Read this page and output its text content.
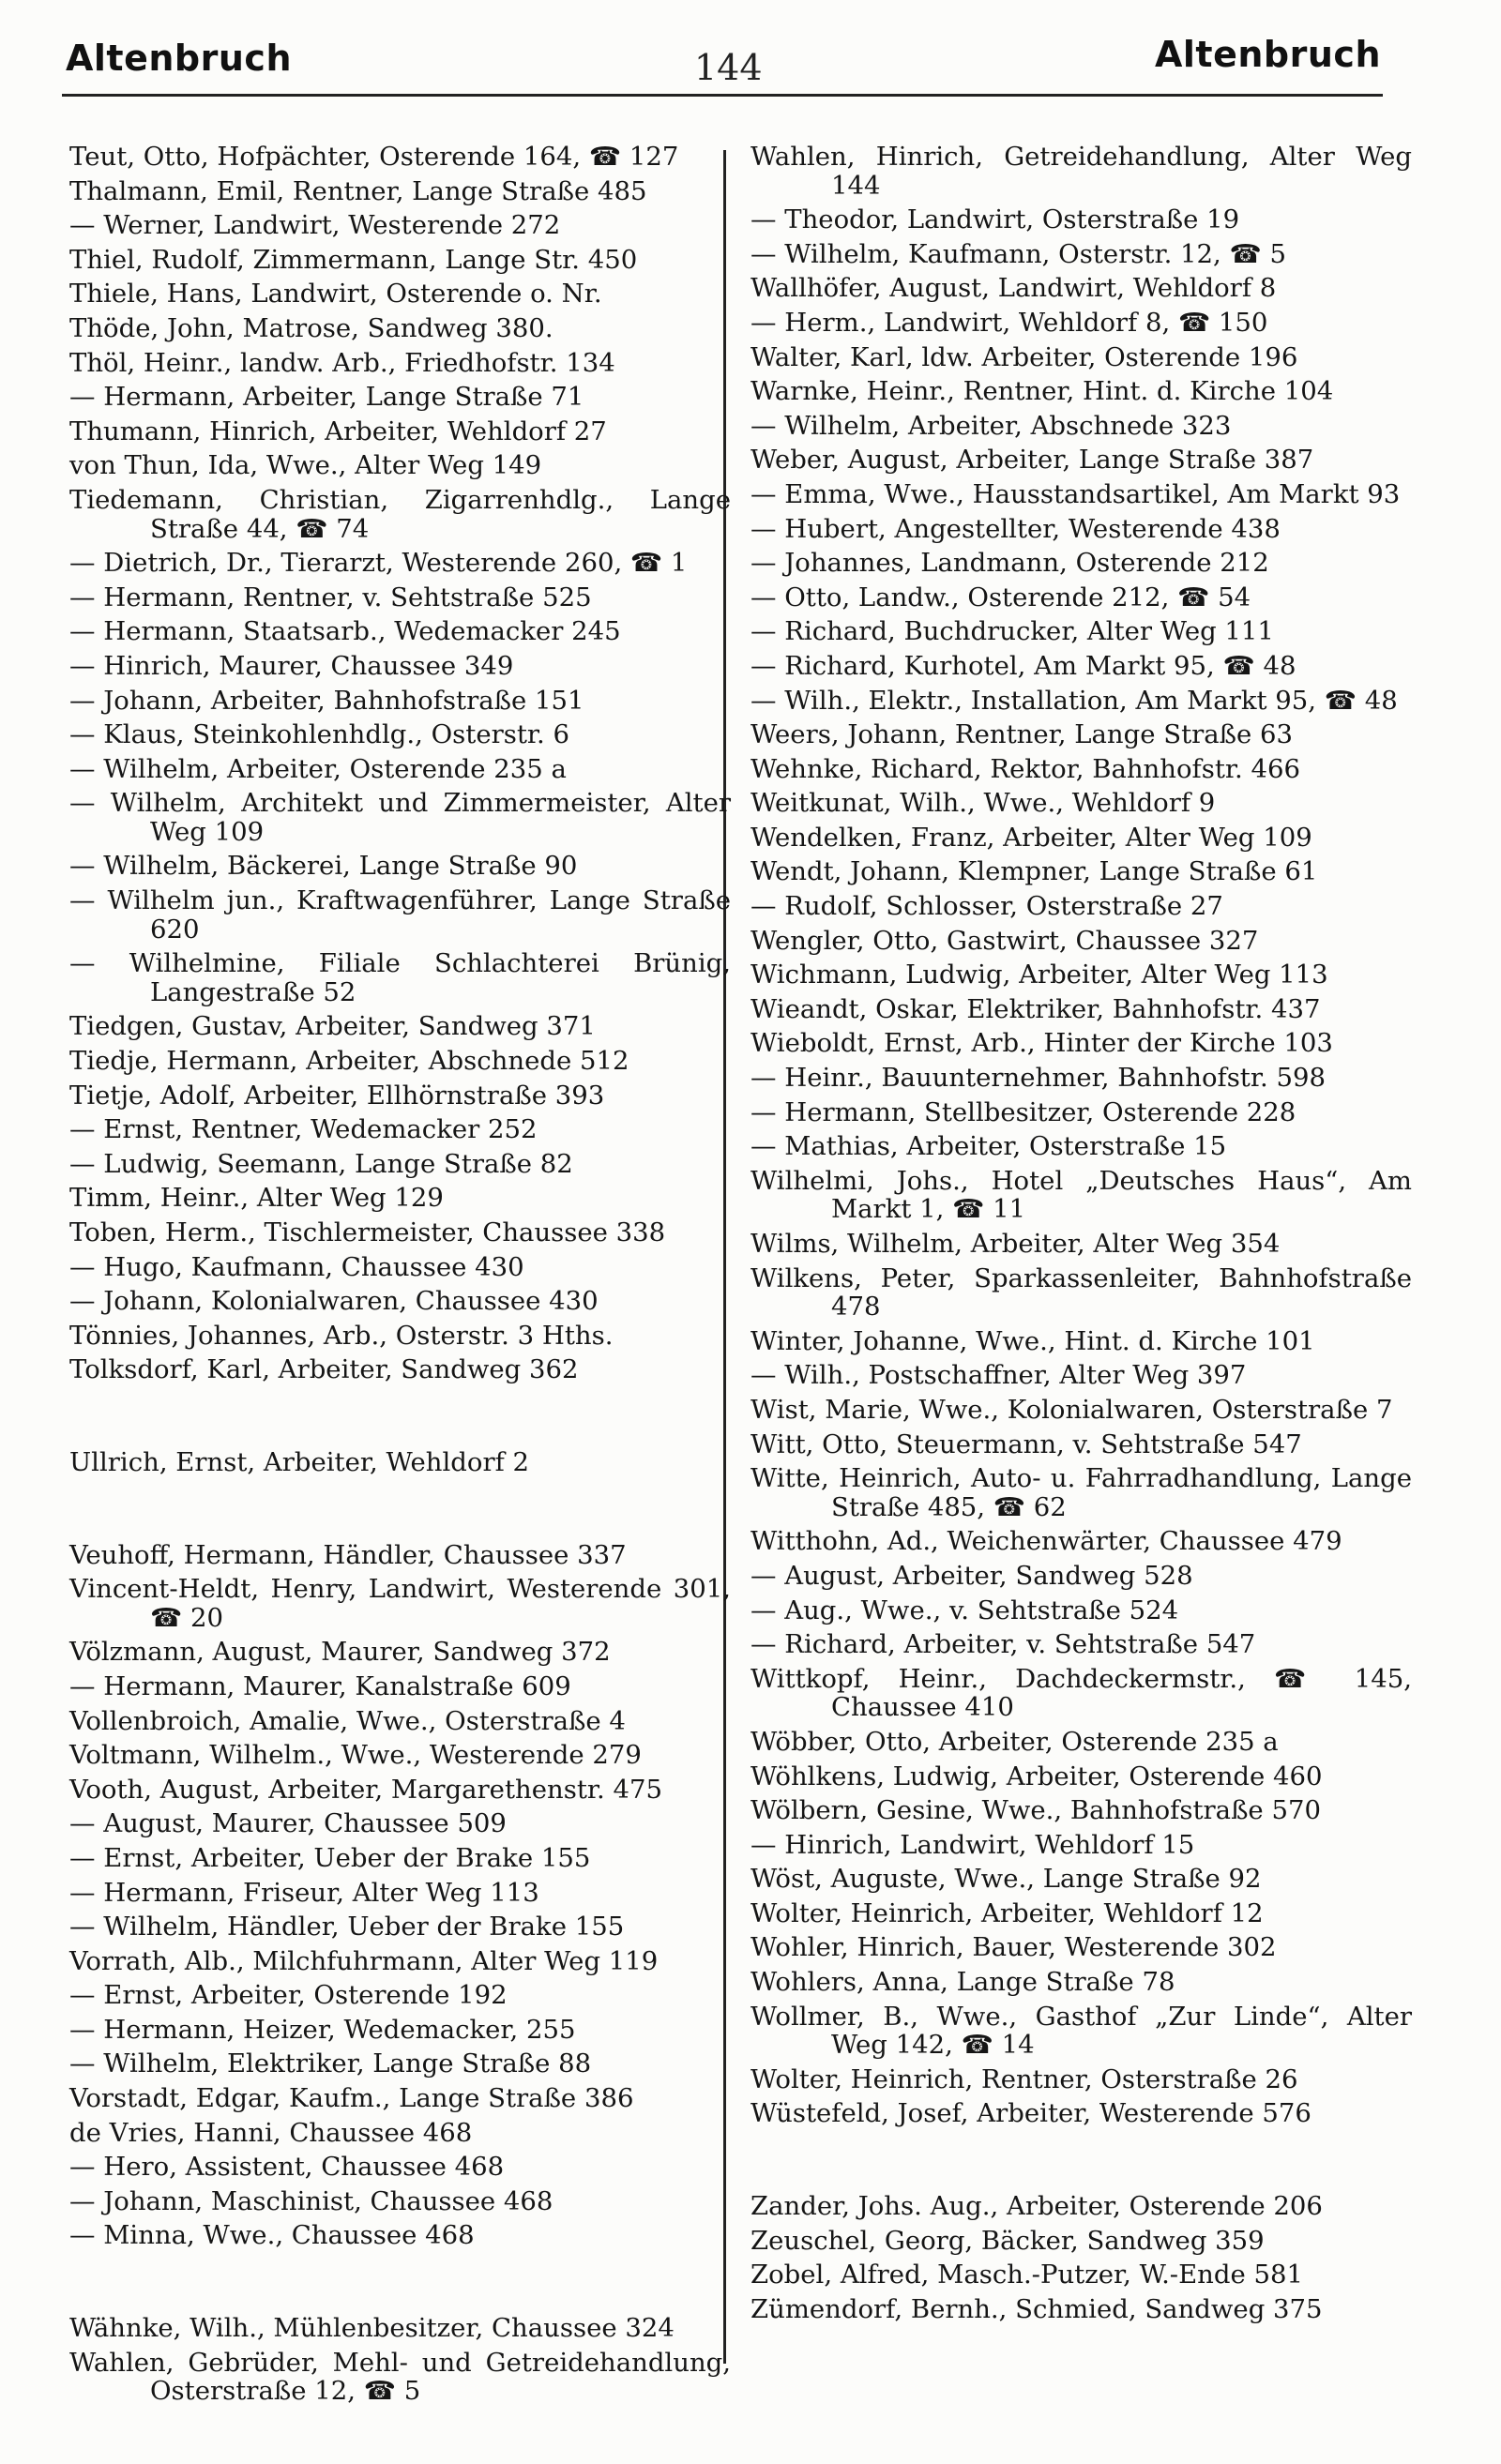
Altenbruch	144	Altenbruch

Teut, Otto, Hofpächter, Osterende 164, ☎ 127

Thalmann, Emil, Rentner, Lange Straße 485

— Werner, Landwirt, Westerende 272

Thiel, Rudolf, Zimmermann, Lange Str. 450

Thiele, Hans, Landwirt, Osterende o. Nr.

Thöde, John, Matrose, Sandweg 380.

Thöl, Heinr., landw. Arb., Friedhofstr. 134

— Hermann, Arbeiter, Lange Straße 71

Thumann, Hinrich, Arbeiter, Wehldorf 27

von Thun, Ida, Wwe., Alter Weg 149

Tiedemann, Christian, Zigarrenhdlg., Lange Straße 44, ☎ 74

— Dietrich, Dr., Tierarzt, Westerende 260, ☎ 1

— Hermann, Rentner, v. Sehtstraße 525

— Hermann, Staatsarb., Wedemacker 245

— Hinrich, Maurer, Chaussee 349

— Johann, Arbeiter, Bahnhofstraße 151

— Klaus, Steinkohlenhdlg., Osterstr. 6

— Wilhelm, Arbeiter, Osterende 235 a

— Wilhelm, Architekt und Zimmermeister, Alter Weg 109

— Wilhelm, Bäckerei, Lange Straße 90

— Wilhelm jun., Kraftwagenführer, Lange Straße 620

— Wilhelmine, Filiale Schlachterei Brünig, Langestraße 52

Tiedgen, Gustav, Arbeiter, Sandweg 371

Tiedje, Hermann, Arbeiter, Abschnede 512

Tietje, Adolf, Arbeiter, Ellhörnstraße 393

— Ernst, Rentner, Wedemacker 252

— Ludwig, Seemann, Lange Straße 82

Timm, Heinr., Alter Weg 129

Toben, Herm., Tischlermeister, Chaussee 338

— Hugo, Kaufmann, Chaussee 430

— Johann, Kolonialwaren, Chaussee 430

Tönnies, Johannes, Arb., Osterstr. 3 Hths.

Tolksdorf, Karl, Arbeiter, Sandweg 362

Ullrich, Ernst, Arbeiter, Wehldorf 2

Veuhoff, Hermann, Händler, Chaussee 337

Vincent-Heldt, Henry, Landwirt, Westerende 301, ☎ 20

Völzmann, August, Maurer, Sandweg 372

— Hermann, Maurer, Kanalstraße 609

Vollenbroich, Amalie, Wwe., Osterstraße 4

Voltmann, Wilhelm., Wwe., Westerende 279

Vooth, August, Arbeiter, Margarethenstr. 475

— August, Maurer, Chaussee 509

— Ernst, Arbeiter, Ueber der Brake 155

— Hermann, Friseur, Alter Weg 113

— Wilhelm, Händler, Ueber der Brake 155

Vorrath, Alb., Milchfuhrmann, Alter Weg 119

— Ernst, Arbeiter, Osterende 192

— Hermann, Heizer, Wedemacker, 255

— Wilhelm, Elektriker, Lange Straße 88

Vorstadt, Edgar, Kaufm., Lange Straße 386

de Vries, Hanni, Chaussee 468

— Hero, Assistent, Chaussee 468

— Johann, Maschinist, Chaussee 468

— Minna, Wwe., Chaussee 468

Wähnke, Wilh., Mühlenbesitzer, Chaussee 324

Wahlen, Gebrüder, Mehl- und Getreidehandlung, Osterstraße 12, ☎ 5

Wahlen, Hinrich, Getreidehandlung, Alter Weg 144

— Theodor, Landwirt, Osterstraße 19

— Wilhelm, Kaufmann, Osterstr. 12, ☎ 5

Wallhöfer, August, Landwirt, Wehldorf 8

— Herm., Landwirt, Wehldorf 8, ☎ 150

Walter, Karl, ldw. Arbeiter, Osterende 196

Warnke, Heinr., Rentner, Hint. d. Kirche 104

— Wilhelm, Arbeiter, Abschnede 323

Weber, August, Arbeiter, Lange Straße 387

— Emma, Wwe., Hausstandsartikel, Am Markt 93

— Hubert, Angestellter, Westerende 438

— Johannes, Landmann, Osterende 212

— Otto, Landw., Osterende 212, ☎ 54

— Richard, Buchdrucker, Alter Weg 111

— Richard, Kurhotel, Am Markt 95, ☎ 48

— Wilh., Elektr., Installation, Am Markt 95, ☎ 48

Weers, Johann, Rentner, Lange Straße 63

Wehnke, Richard, Rektor, Bahnhofstr. 466

Weitkunat, Wilh., Wwe., Wehldorf 9

Wendelken, Franz, Arbeiter, Alter Weg 109

Wendt, Johann, Klempner, Lange Straße 61

— Rudolf, Schlosser, Osterstraße 27

Wengler, Otto, Gastwirt, Chaussee 327

Wichmann, Ludwig, Arbeiter, Alter Weg 113

Wieandt, Oskar, Elektriker, Bahnhofstr. 437

Wieboldt, Ernst, Arb., Hinter der Kirche 103

— Heinr., Bauunternehmer, Bahnhofstr. 598

— Hermann, Stellbesitzer, Osterende 228

— Mathias, Arbeiter, Osterstraße 15

Wilhelmi, Johs., Hotel „Deutsches Haus“, Am Markt 1, ☎ 11

Wilms, Wilhelm, Arbeiter, Alter Weg 354

Wilkens, Peter, Sparkassenleiter, Bahnhofstraße 478

Winter, Johanne, Wwe., Hint. d. Kirche 101

— Wilh., Postschaffner, Alter Weg 397

Wist, Marie, Wwe., Kolonialwaren, Osterstraße 7

Witt, Otto, Steuermann, v. Sehtstraße 547

Witte, Heinrich, Auto- u. Fahrradhandlung, Lange Straße 485, ☎ 62

Witthohn, Ad., Weichenwärter, Chaussee 479

— August, Arbeiter, Sandweg 528

— Aug., Wwe., v. Sehtstraße 524

— Richard, Arbeiter, v. Sehtstraße 547

Wittkopf, Heinr., Dachdeckermstr., ☎ 145, Chaussee 410

Wöbber, Otto, Arbeiter, Osterende 235 a

Wöhlkens, Ludwig, Arbeiter, Osterende 460

Wölbern, Gesine, Wwe., Bahnhofstraße 570

— Hinrich, Landwirt, Wehldorf 15

Wöst, Auguste, Wwe., Lange Straße 92

Wolter, Heinrich, Arbeiter, Wehldorf 12

Wohler, Hinrich, Bauer, Westerende 302

Wohlers, Anna, Lange Straße 78

Wollmer, B., Wwe., Gasthof „Zur Linde“, Alter Weg 142, ☎ 14

Wolter, Heinrich, Rentner, Osterstraße 26

Wüstefeld, Josef, Arbeiter, Westerende 576

Zander, Johs. Aug., Arbeiter, Osterende 206

Zeuschel, Georg, Bäcker, Sandweg 359

Zobel, Alfred, Masch.-Putzer, W.-Ende 581

Zümendorf, Bernh., Schmied, Sandweg 375
